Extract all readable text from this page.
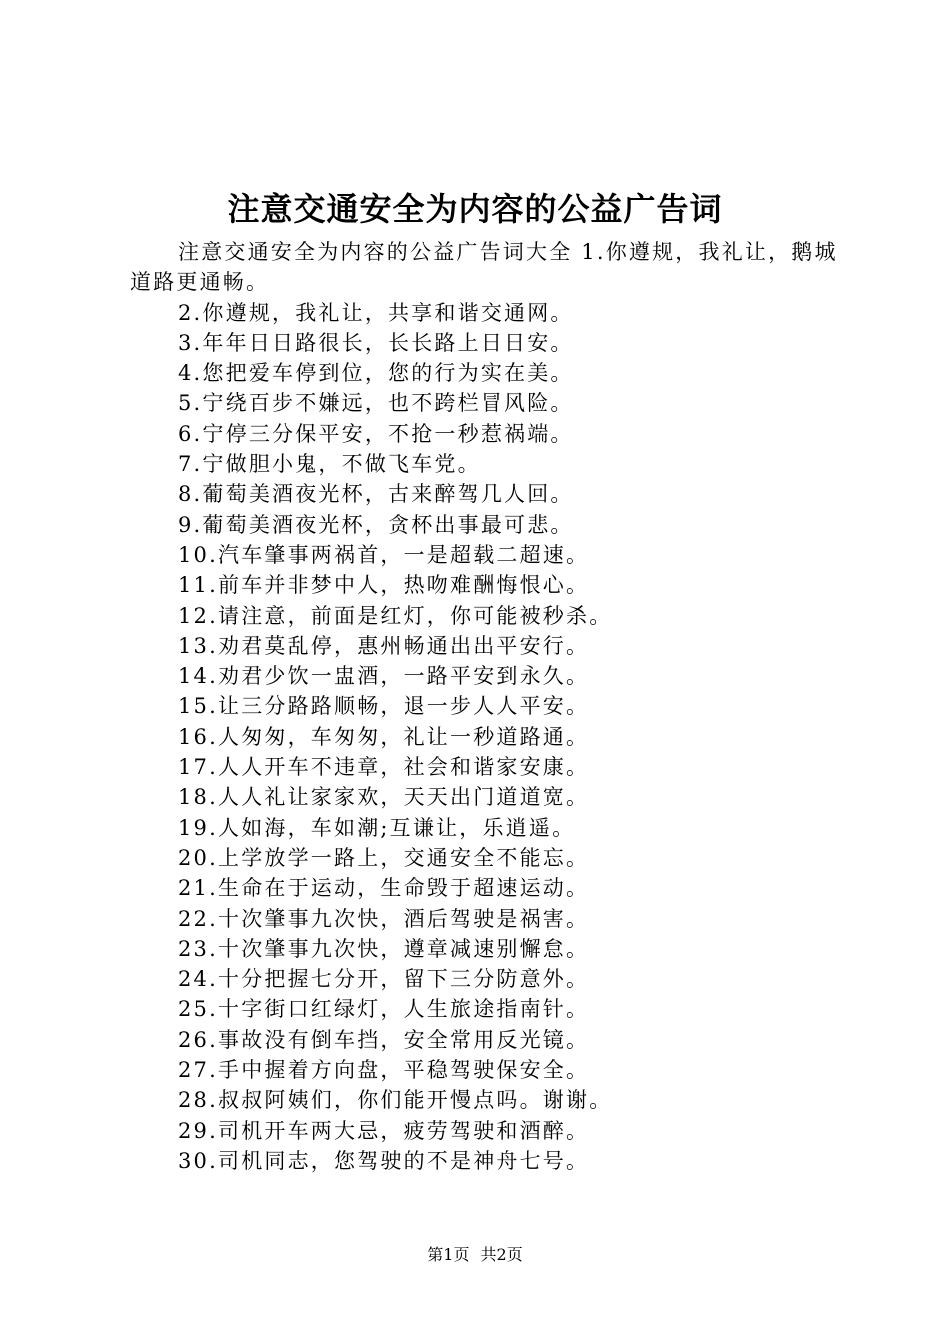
注意交通安全为内容的公益广告词

注意交通安全为内容的公益广告词大全 1.你遵规，我礼让，鹅城道路更通畅。

2.你遵规，我礼让，共享和谐交通网。
3.年年日日路很长，长长路上日日安。
4.您把爱车停到位，您的行为实在美。
5.宁绕百步不嫌远，也不跨栏冒风险。
6.宁停三分保平安，不抢一秒惹祸端。
7.宁做胆小鬼，不做飞车党。
8.葡萄美酒夜光杯，古来醉驾几人回。
9.葡萄美酒夜光杯，贪杯出事最可悲。
10.汽车肇事两祸首，一是超载二超速。
11.前车并非梦中人，热吻难酬悔恨心。
12.请注意，前面是红灯，你可能被秒杀。
13.劝君莫乱停，惠州畅通出出平安行。
14.劝君少饮一盅酒，一路平安到永久。
15.让三分路路顺畅，退一步人人平安。
16.人匆匆，车匆匆，礼让一秒道路通。
17.人人开车不违章，社会和谐家安康。
18.人人礼让家家欢，天天出门道道宽。
19.人如海，车如潮;互谦让，乐逍遥。
20.上学放学一路上，交通安全不能忘。
21.生命在于运动，生命毁于超速运动。
22.十次肇事九次快，酒后驾驶是祸害。
23.十次肇事九次快，遵章减速别懈怠。
24.十分把握七分开，留下三分防意外。
25.十字街口红绿灯，人生旅途指南针。
26.事故没有倒车挡，安全常用反光镜。
27.手中握着方向盘，平稳驾驶保安全。
28.叔叔阿姨们，你们能开慢点吗。谢谢。
29.司机开车两大忌，疲劳驾驶和酒醉。
30.司机同志，您驾驶的不是神舟七号。
第1页 共2页
